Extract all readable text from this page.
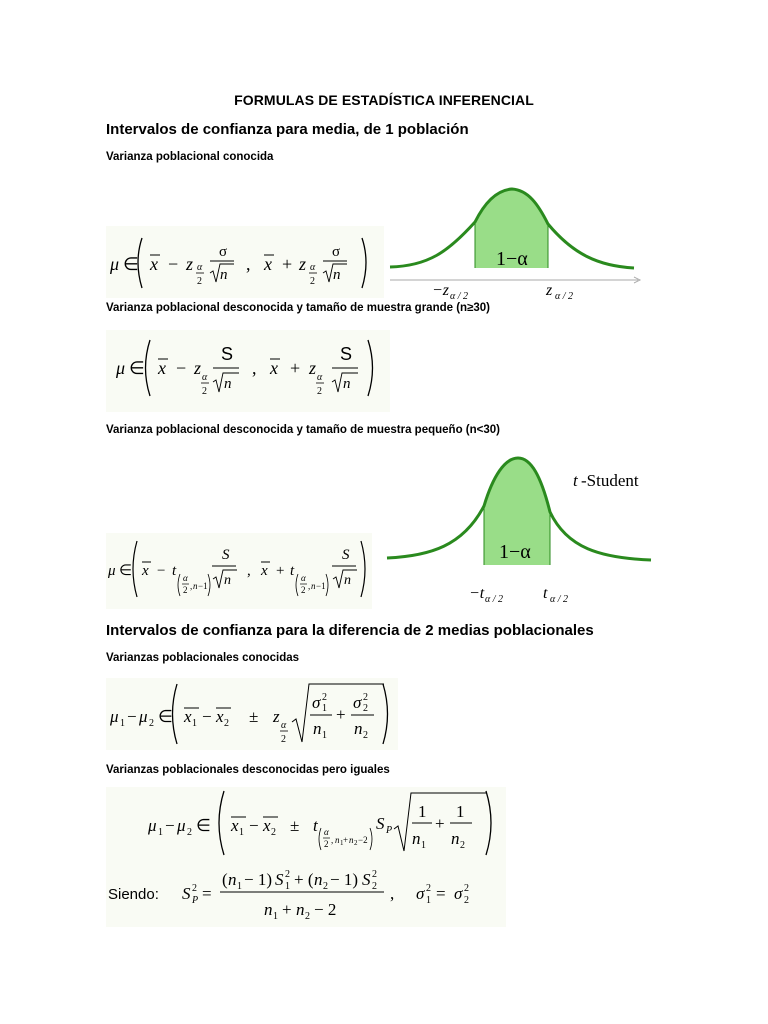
FORMULAS DE ESTADÍSTICA INFERENCIAL
Intervalos de confianza para media, de 1 población
Varianza poblacional conocida
μ ∈ x − z α
2
σ
n
, x + z α
2
σ
n
1−α
−z α / 2	z α / 2
Varianza poblacional desconocida y tamaño de muestra grande (n≥30)
μ ∈ x − z α
2
S
n
, x + z α
2
S
n
Varianza poblacional desconocida y tamaño de muestra pequeño (n<30)
μ ∈ x − t α
2 , n −1
S
n
, x + t α
2 , n −1
S
n
t -Student
1−α
−t α / 2 t α / 2
Intervalos de confianza para la diferencia de 2 medias poblacionales
Varianzas poblacionales conocidas
μ 1 − μ 2 ∈ x 1 − x 2 ± z α
2
σ 2
1
n 1
+
σ 2
2
n 2
Varianzas poblacionales desconocidas pero iguales
μ 1 − μ 2 ∈ x 1 − x 2 ± t α
2 , n 1 + n 2 −2
S P
1
n 1
+
1
n 2
Siendo: S 2
P =
( n 1 − 1) S 2
1 + ( n 2 − 1) S 2
2
n 1 + n 2 − 2
, σ 2
1 = σ 2
2
